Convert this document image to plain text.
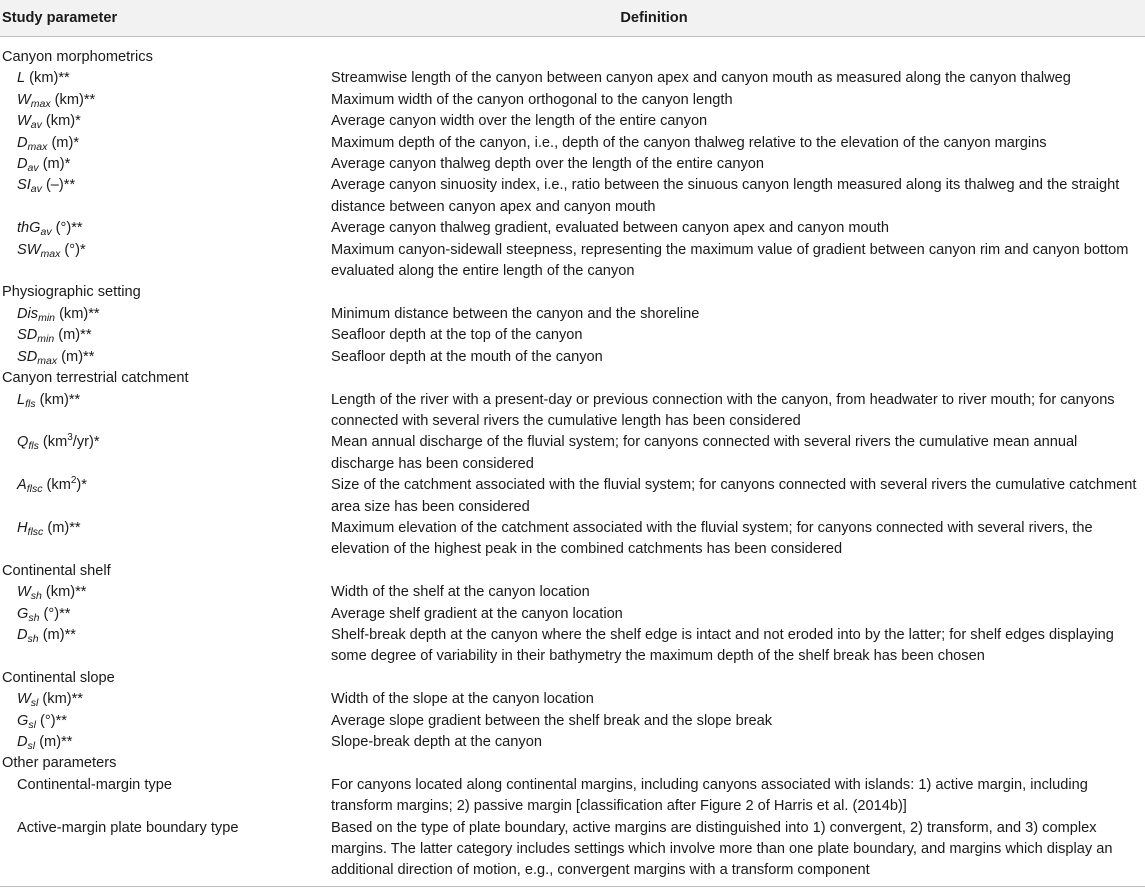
Study parameter	Definition
Canyon morphometrics	
L (km)**	Streamwise length of the canyon between canyon apex and canyon mouth as measured along the canyon thalweg
$W_{max}$ (km)**	Maximum width of the canyon orthogonal to the canyon length
$W_{av}$ (km)*	Average canyon width over the length of the entire canyon
$D_{max}$ (m)*	Maximum depth of the canyon, i.e., depth of the canyon thalweg relative to the elevation of the canyon margins
$D_{av}$ (m)*	Average canyon thalweg depth over the length of the entire canyon
$SI_{av}$ (–)**	Average canyon sinuosity index, i.e., ratio between the sinuous canyon length measured along its thalweg and the straight distance between canyon apex and canyon mouth
thG$_{av}$ (°)**	Average canyon thalweg gradient, evaluated between canyon apex and canyon mouth
$SW_{max}$ (°)*	Maximum canyon-sidewall steepness, representing the maximum value of gradient between canyon rim and canyon bottom evaluated along the entire length of the canyon
Physiographic setting	
Dis$_{min}$ (km)**	Minimum distance between the canyon and the shoreline
$SD_{min}$ (m)**	Seafloor depth at the top of the canyon
$SD_{max}$ (m)**	Seafloor depth at the mouth of the canyon
Canyon terrestrial catchment	
$L_{fls}$ (km)**	Length of the river with a present-day or previous connection with the canyon, from headwater to river mouth; for canyons connected with several rivers the cumulative length has been considered
$Q_{fls}$ $(km^3/yr)*$	Mean annual discharge of the fluvial system; for canyons connected with several rivers the cumulative mean annual discharge has been considered
$A_{flsc}$ $(km^2)*$	Size of the catchment associated with the fluvial system; for canyons connected with several rivers the cumulative catchment area size has been considered
$H_{flsc}$ (m)**	Maximum elevation of the catchment associated with the fluvial system; for canyons connected with several rivers, the elevation of the highest peak in the combined catchments has been considered
Continental shelf	
$W_{sh}$ (km)**	Width of the shelf at the canyon location
$G_{sh}$ (°)**	Average shelf gradient at the canyon location
$D_{sh}$ (m)**	Shelf-break depth at the canyon where the shelf edge is intact and not eroded into by the latter; for shelf edges displaying some degree of variability in their bathymetry the maximum depth of the shelf break has been chosen
Continental slope	
$W_{sl}$ (km)**	Width of the slope at the canyon location
$G_{sl}$ (°)**	Average slope gradient between the shelf break and the slope break
$D_{sl}$ (m)**	Slope-break depth at the canyon
Other parameters	
Continental-margin type	For canyons located along continental margins, including canyons associated with islands: 1) active margin, including transform margins; 2) passive margin [classification after Figure 2 of Harris et al. (2014b)]
Active-margin plate boundary type	Based on the type of plate boundary, active margins are distinguished into 1) convergent, 2) transform, and 3) complex margins. The latter category includes settings which involve more than one plate boundary, and margins which display an additional direction of motion, e.g., convergent margins with a transform component
